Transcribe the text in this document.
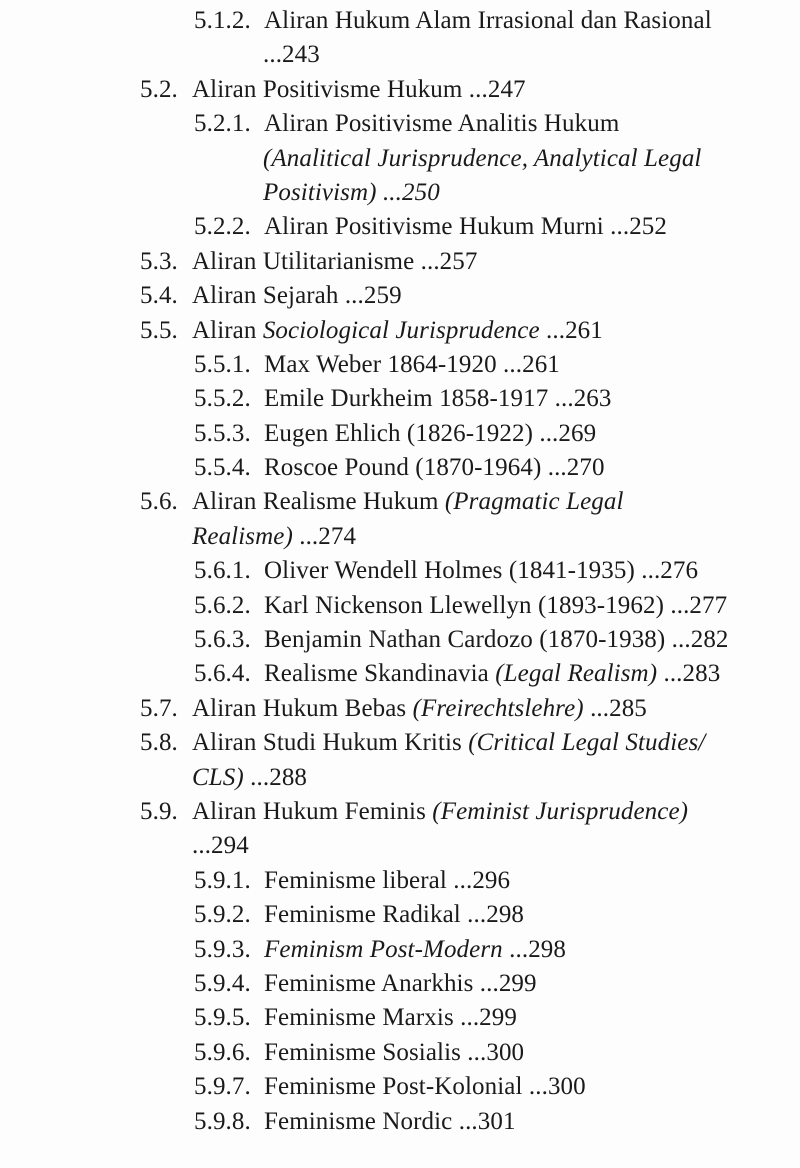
5.1.2. Aliran Hukum Alam Irrasional dan Rasional
...243
5.2. Aliran Positivisme Hukum ...247
5.2.1. Aliran Positivisme Analitis Hukum
(Analitical Jurisprudence, Analytical Legal
Positivism) ...250
5.2.2. Aliran Positivisme Hukum Murni ...252
5.3. Aliran Utilitarianisme ...257
5.4. Aliran Sejarah ...259
5.5. Aliran Sociological Jurisprudence ...261
5.5.1. Max Weber 1864-1920 ...261
5.5.2. Emile Durkheim 1858-1917 ...263
5.5.3. Eugen Ehlich (1826-1922) ...269
5.5.4. Roscoe Pound (1870-1964) ...270
5.6. Aliran Realisme Hukum (Pragmatic Legal
Realisme) ...274
5.6.1. Oliver Wendell Holmes (1841-1935) ...276
5.6.2. Karl Nickenson Llewellyn (1893-1962) ...277
5.6.3. Benjamin Nathan Cardozo (1870-1938) ...282
5.6.4. Realisme Skandinavia (Legal Realism) ...283
5.7. Aliran Hukum Bebas (Freirechtslehre) ...285
5.8. Aliran Studi Hukum Kritis (Critical Legal Studies/
CLS) ...288
5.9. Aliran Hukum Feminis (Feminist Jurisprudence)
...294
5.9.1. Feminisme liberal ...296
5.9.2. Feminisme Radikal ...298
5.9.3. Feminism Post-Modern ...298
5.9.4. Feminisme Anarkhis ...299
5.9.5. Feminisme Marxis ...299
5.9.6. Feminisme Sosialis ...300
5.9.7. Feminisme Post-Kolonial ...300
5.9.8. Feminisme Nordic ...301
